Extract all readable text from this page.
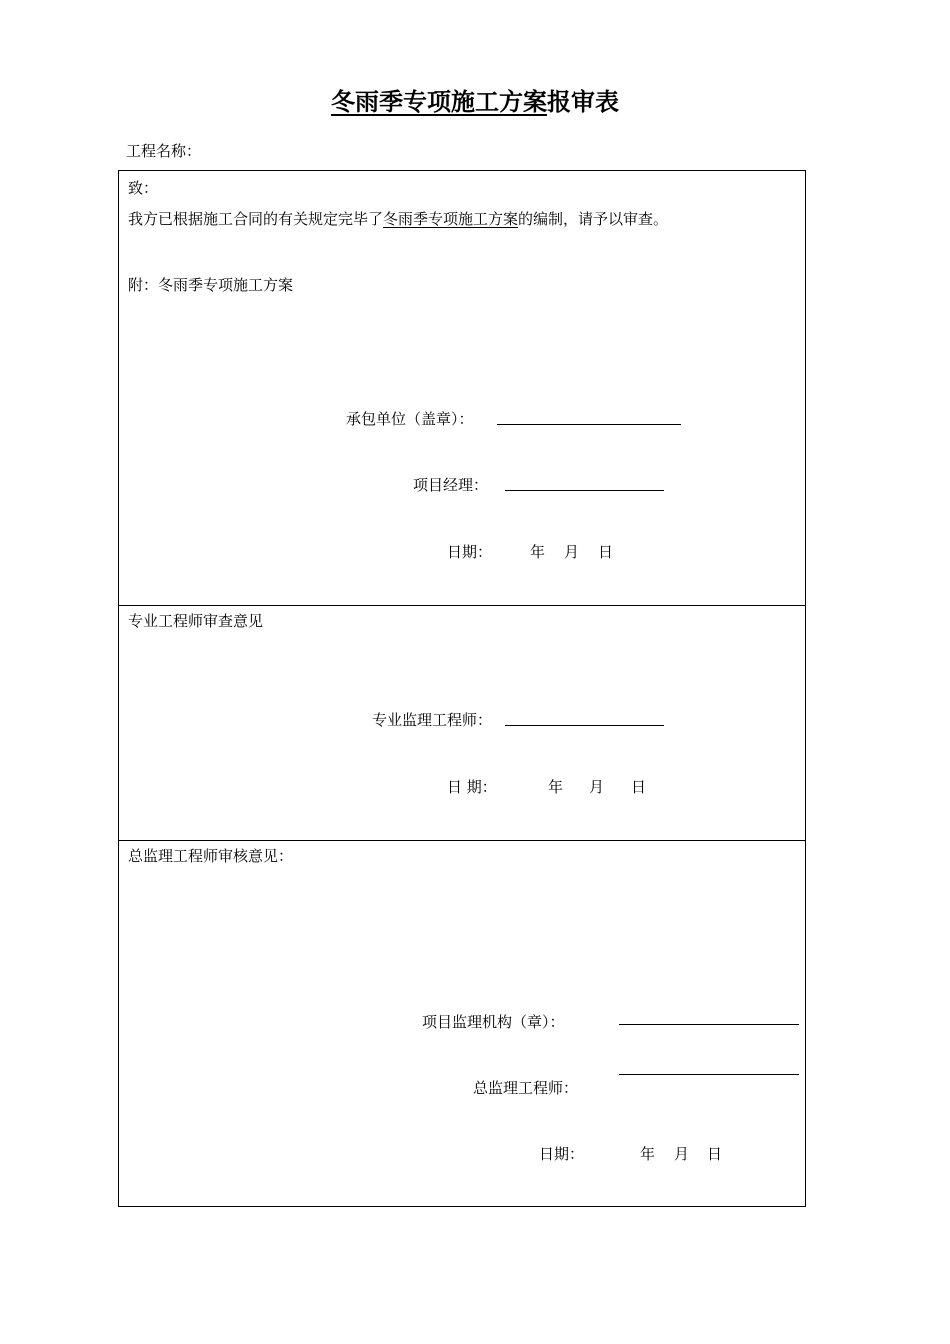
冬雨季专项施工方案报审表
工程名称：
致：
我方已根据施工合同的有关规定完毕了冬雨季专项施工方案的编制，请予以审查。
附：冬雨季专项施工方案
承包单位（盖章）：
项目经理：
日期：	年 月 日
专业工程师审查意见
专业监理工程师：
日 期：	年 月 日
总监理工程师审核意见：
项目监理机构（章）：
总监理工程师：
日期：	年 月 日
